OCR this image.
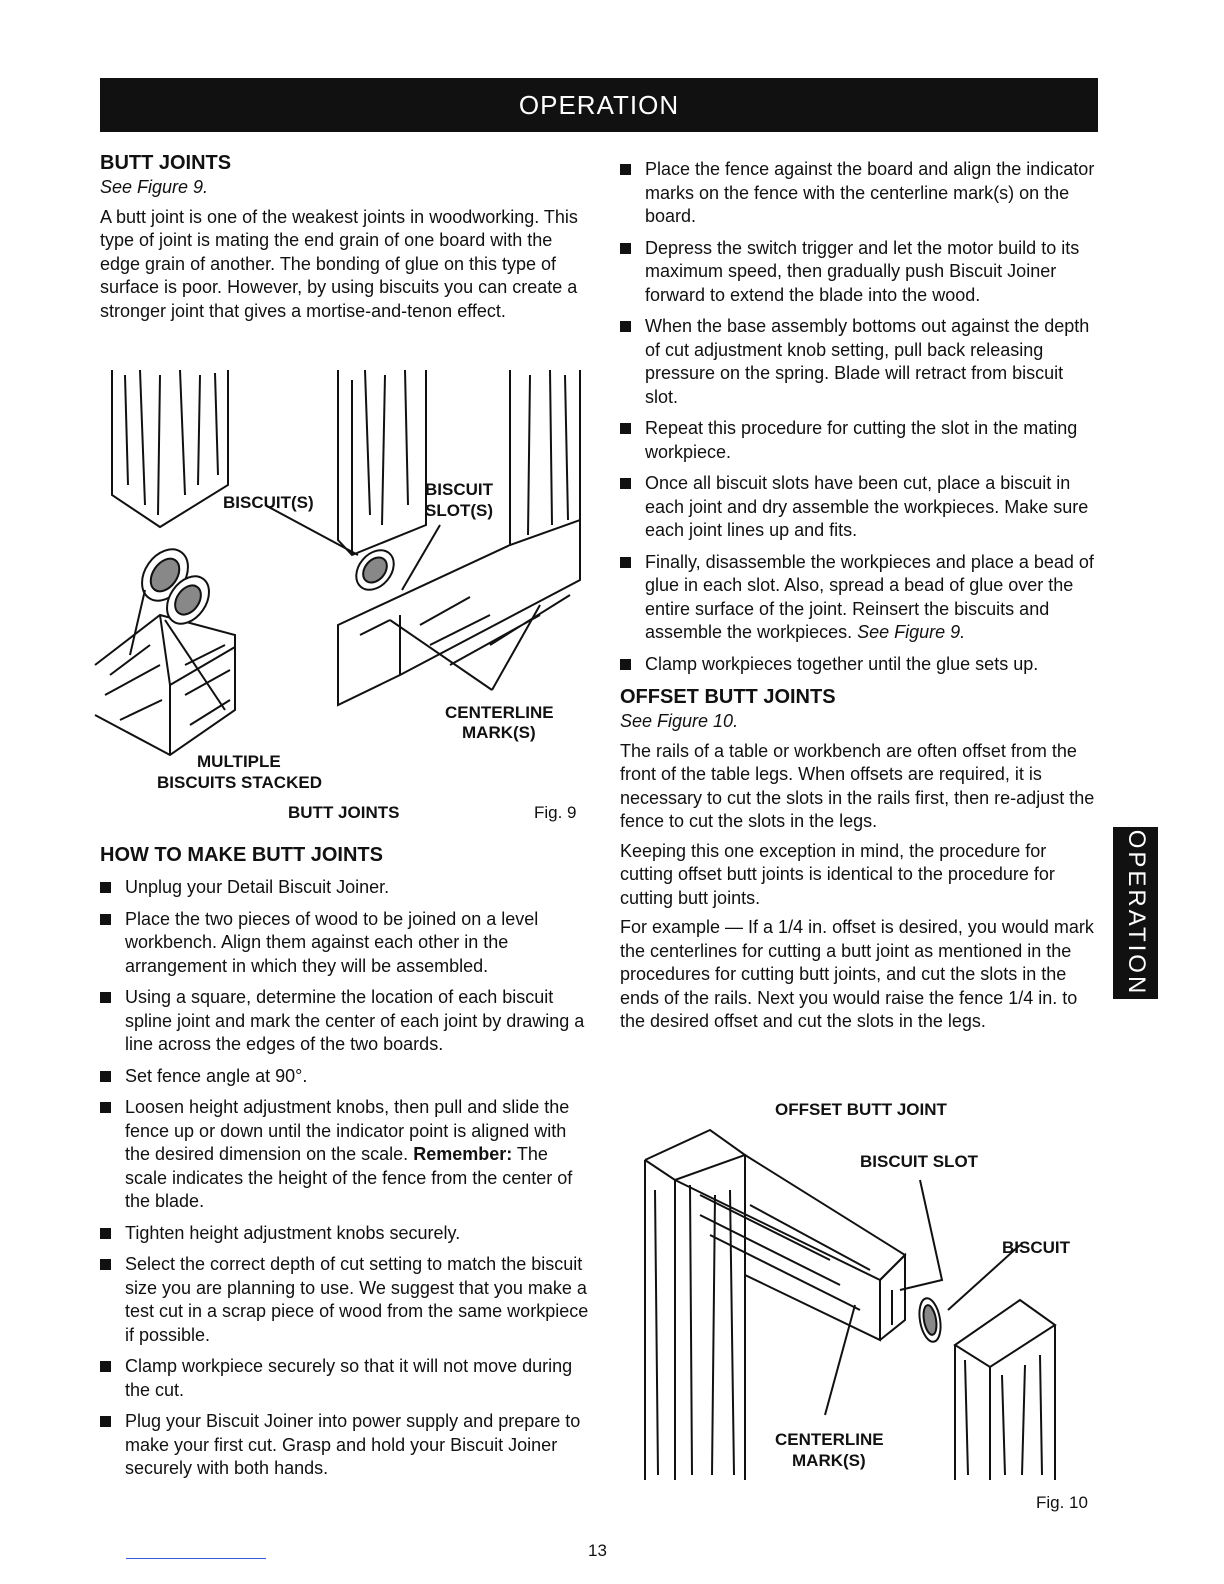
OPERATION
BUTT JOINTS
See Figure 9.

A butt joint is one of the weakest joints in woodworking. This type of joint is mating the end grain of one board with the edge grain of another. The bonding of glue on this type of surface is poor. However, by using biscuits you can create a stronger joint that gives a mortise-and-tenon effect.

BISCUIT(S)
BISCUIT
SLOT(S)
CENTERLINE
MARK(S)
MULTIPLE
BISCUITS STACKED
BUTT JOINTS	Fig. 9
HOW TO MAKE BUTT JOINTS
Unplug your Detail Biscuit Joiner.
Place the two pieces of wood to be joined on a level workbench. Align them against each other in the arrangement in which they will be assembled.
Using a square, determine the location of each biscuit spline joint and mark the center of each joint by drawing a line across the edges of the two boards.
Set fence angle at 90°.
Loosen height adjustment knobs, then pull and slide the fence up or down until the indicator point is aligned with the desired dimension on the scale. Remember: The scale indicates the height of the fence from the center of the blade.
Tighten height adjustment knobs securely.
Select the correct depth of cut setting to match the biscuit size you are planning to use. We suggest that you make a test cut in a scrap piece of wood from the same workpiece if possible.
Clamp workpiece securely so that it will not move during the cut.
Plug your Biscuit Joiner into power supply and prepare to make your first cut. Grasp and hold your Biscuit Joiner securely with both hands.
Place the fence against the board and align the indicator marks on the fence with the centerline mark(s) on the board.
Depress the switch trigger and let the motor build to its maximum speed, then gradually push Biscuit Joiner forward to extend the blade into the wood.
When the base assembly bottoms out against the depth of cut adjustment knob setting, pull back releasing pressure on the spring. Blade will retract from biscuit slot.
Repeat this procedure for cutting the slot in the mating workpiece.
Once all biscuit slots have been cut, place a biscuit in each joint and dry assemble the workpieces. Make sure each joint lines up and fits.
Finally, disassemble the workpieces and place a bead of glue in each slot. Also, spread a bead of glue over the entire surface of the joint. Reinsert the biscuits and assemble the workpieces. See Figure 9.
Clamp workpieces together until the glue sets up.
OFFSET BUTT JOINTS
See Figure 10.

The rails of a table or workbench are often offset from the front of the table legs. When offsets are required, it is necessary to cut the slots in the rails first, then re-adjust the fence to cut the slots in the legs.

Keeping this one exception in mind, the procedure for cutting offset butt joints is identical to the procedure for cutting butt joints.

For example — If a 1/4 in. offset is desired, you would mark the centerlines for cutting a butt joint as mentioned in the procedures for cutting butt joints, and cut the slots in the ends of the rails. Next you would raise the fence 1/4 in. to the desired offset and cut the slots in the legs.

OFFSET BUTT JOINT
BISCUIT SLOT
BISCUIT
CENTERLINE
MARK(S)
Fig. 10
OPERATION
13
